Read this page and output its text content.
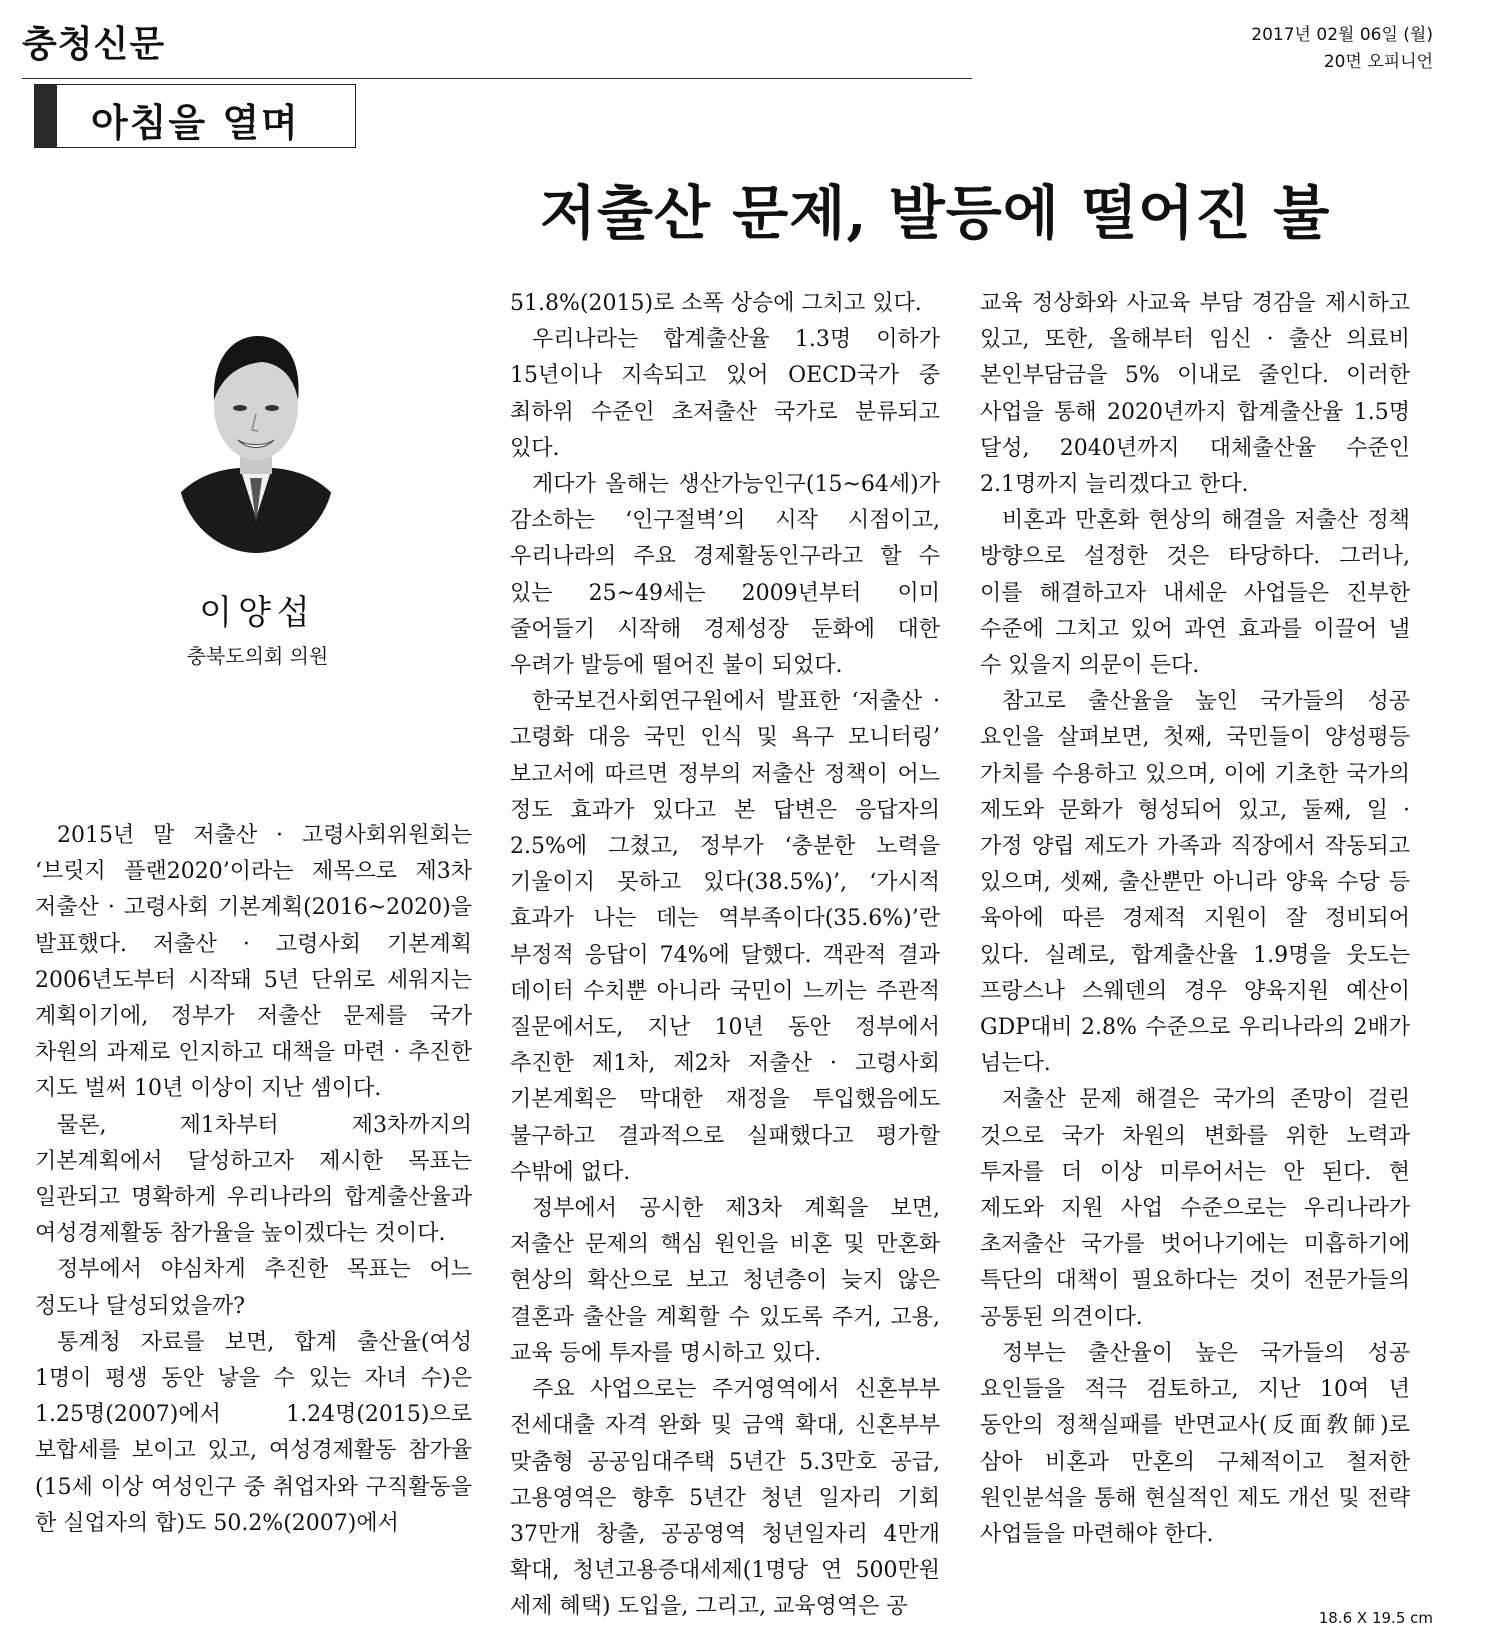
충청신문	2017년 02월 06일 (월)
20면 오피니언
아침을 열며
저출산 문제, 발등에 떨어진 불
이양섭
충북도의회 의원

2015년 말 저출산 · 고령사회위원회는 ‘브릿지 플랜2020’이라는 제목으로 제3차 저출산 · 고령사회 기본계획(2016~2020)을 발표했다. 저출산 · 고령사회 기본계획 2006년도부터 시작돼 5년 단위로 세워지는 계획이기에, 정부가 저출산 문제를 국가 차원의 과제로 인지하고 대책을 마련 · 추진한 지도 벌써 10년 이상이 지난 셈이다.

물론, 제1차부터 제3차까지의 기본계획에서 달성하고자 제시한 목표는 일관되고 명확하게 우리나라의 합계출산율과 여성경제활동 참가율을 높이겠다는 것이다.

정부에서 야심차게 추진한 목표는 어느 정도나 달성되었을까?

통계청 자료를 보면, 합계 출산율(여성 1명이 평생 동안 낳을 수 있는 자녀 수)은 1.25명(2007)에서 1.24명(2015)으로 보합세를 보이고 있고, 여성경제활동 참가율(15세 이상 여성인구 중 취업자와 구직활동을 한 실업자의 합)도 50.2%(2007)에서

51.8%(2015)로 소폭 상승에 그치고 있다.

우리나라는 합계출산율 1.3명 이하가 15년이나 지속되고 있어 OECD국가 중 최하위 수준인 초저출산 국가로 분류되고 있다.

게다가 올해는 생산가능인구(15~64세)가 감소하는 ‘인구절벽’의 시작 시점이고, 우리나라의 주요 경제활동인구라고 할 수 있는 25~49세는 2009년부터 이미 줄어들기 시작해 경제성장 둔화에 대한 우려가 발등에 떨어진 불이 되었다.

한국보건사회연구원에서 발표한 ‘저출산 · 고령화 대응 국민 인식 및 욕구 모니터링’ 보고서에 따르면 정부의 저출산 정책이 어느 정도 효과가 있다고 본 답변은 응답자의 2.5%에 그쳤고, 정부가 ‘충분한 노력을 기울이지 못하고 있다(38.5%)’, ‘가시적 효과가 나는 데는 역부족이다(35.6%)’란 부정적 응답이 74%에 달했다. 객관적 결과 데이터 수치뿐 아니라 국민이 느끼는 주관적 질문에서도, 지난 10년 동안 정부에서 추진한 제1차, 제2차 저출산 · 고령사회 기본계획은 막대한 재정을 투입했음에도 불구하고 결과적으로 실패했다고 평가할 수밖에 없다.

정부에서 공시한 제3차 계획을 보면, 저출산 문제의 핵심 원인을 비혼 및 만혼화 현상의 확산으로 보고 청년층이 늦지 않은 결혼과 출산을 계획할 수 있도록 주거, 고용, 교육 등에 투자를 명시하고 있다.

주요 사업으로는 주거영역에서 신혼부부 전세대출 자격 완화 및 금액 확대, 신혼부부 맞춤형 공공임대주택 5년간 5.3만호 공급, 고용영역은 향후 5년간 청년 일자리 기회 37만개 창출, 공공영역 청년일자리 4만개 확대, 청년고용증대세제(1명당 연 500만원 세제 혜택) 도입을, 그리고, 교육영역은 공

교육 정상화와 사교육 부담 경감을 제시하고 있고, 또한, 올해부터 임신 · 출산 의료비 본인부담금을 5% 이내로 줄인다. 이러한 사업을 통해 2020년까지 합계출산율 1.5명 달성, 2040년까지 대체출산율 수준인 2.1명까지 늘리겠다고 한다.

비혼과 만혼화 현상의 해결을 저출산 정책 방향으로 설정한 것은 타당하다. 그러나, 이를 해결하고자 내세운 사업들은 진부한 수준에 그치고 있어 과연 효과를 이끌어 낼 수 있을지 의문이 든다.

참고로 출산율을 높인 국가들의 성공 요인을 살펴보면, 첫째, 국민들이 양성평등 가치를 수용하고 있으며, 이에 기초한 국가의 제도와 문화가 형성되어 있고, 둘째, 일 · 가정 양립 제도가 가족과 직장에서 작동되고 있으며, 셋째, 출산뿐만 아니라 양육 수당 등 육아에 따른 경제적 지원이 잘 정비되어 있다. 실례로, 합계출산율 1.9명을 웃도는 프랑스나 스웨덴의 경우 양육지원 예산이 GDP대비 2.8% 수준으로 우리나라의 2배가 넘는다.

저출산 문제 해결은 국가의 존망이 걸린 것으로 국가 차원의 변화를 위한 노력과 투자를 더 이상 미루어서는 안 된다. 현 제도와 지원 사업 수준으로는 우리나라가 초저출산 국가를 벗어나기에는 미흡하기에 특단의 대책이 필요하다는 것이 전문가들의 공통된 의견이다.

정부는 출산율이 높은 국가들의 성공 요인들을 적극 검토하고, 지난 10여 년 동안의 정책실패를 반면교사(反面敎師)로 삼아 비혼과 만혼의 구체적이고 철저한 원인분석을 통해 현실적인 제도 개선 및 전략 사업들을 마련해야 한다.

18.6 X 19.5 cm
